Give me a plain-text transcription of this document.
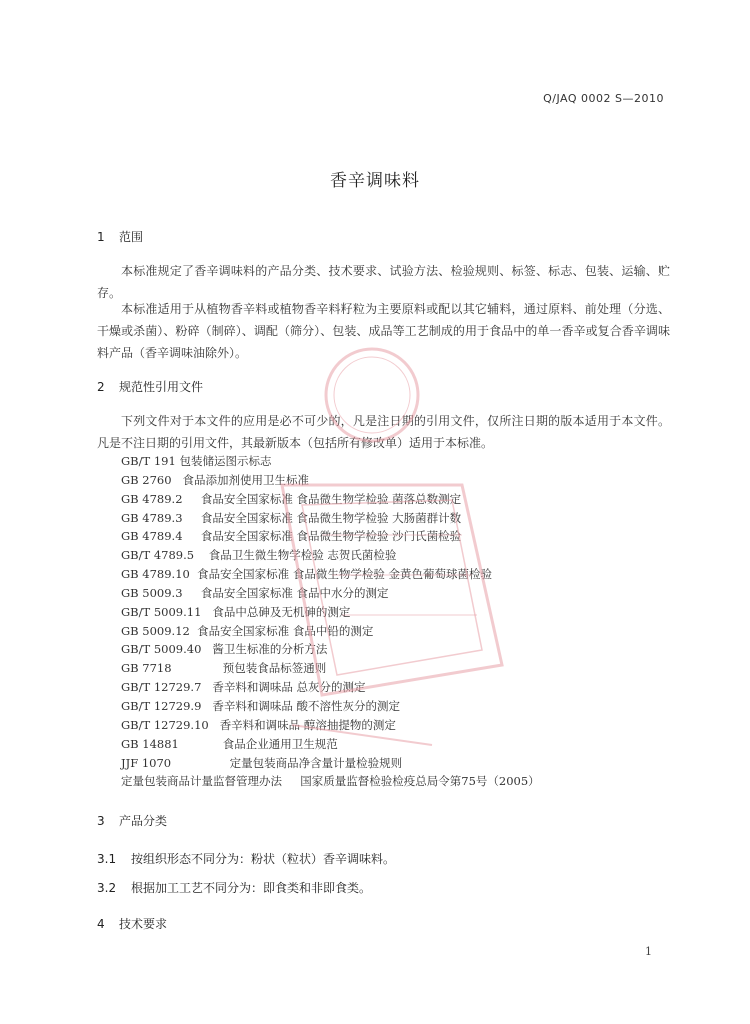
Q/JAQ 0002 S—2010
香辛调味料
1 范围

本标准规定了香辛调味料的产品分类、技术要求、试验方法、检验规则、标签、标志、包装、运输、贮存。

本标准适用于从植物香辛料或植物香辛料籽粒为主要原料或配以其它辅料，通过原料、前处理（分选、干燥或杀菌）、粉碎（制碎）、调配（筛分）、包装、成品等工艺制成的用于食品中的单一香辛或复合香辛调味料产品（香辛调味油除外）。

2 规范性引用文件

下列文件对于本文件的应用是必不可少的，凡是注日期的引用文件，仅所注日期的版本适用于本文件。凡是不注日期的引用文件，其最新版本（包括所有修改单）适用于本标准。

GB/T 191 包装储运图示标志
GB 2760 食品添加剂使用卫生标准
GB 4789.2 食品安全国家标准 食品微生物学检验 菌落总数测定
GB 4789.3 食品安全国家标准 食品微生物学检验 大肠菌群计数
GB 4789.4 食品安全国家标准 食品微生物学检验 沙门氏菌检验
GB/T 4789.5 食品卫生微生物学检验 志贺氏菌检验
GB 4789.10 食品安全国家标准 食品微生物学检验 金黄色葡萄球菌检验
GB 5009.3 食品安全国家标准 食品中水分的测定
GB/T 5009.11 食品中总砷及无机砷的测定
GB 5009.12 食品安全国家标准 食品中铅的测定
GB/T 5009.40 酱卫生标准的分析方法
GB 7718	预包装食品标签通则
GB/T 12729.7 香辛料和调味品 总灰分的测定
GB/T 12729.9 香辛料和调味品 酸不溶性灰分的测定
GB/T 12729.10 香辛料和调味品 醇溶抽提物的测定
GB 14881	食品企业通用卫生规范
JJF 1070	定量包装商品净含量计量检验规则
定量包装商品计量监督管理办法 国家质量监督检验检疫总局令第75号（2005）
3 产品分类
3.1 按组织形态不同分为：粉状（粒状）香辛调味料。
3.2 根据加工工艺不同分为：即食类和非即食类。
4 技术要求
1
